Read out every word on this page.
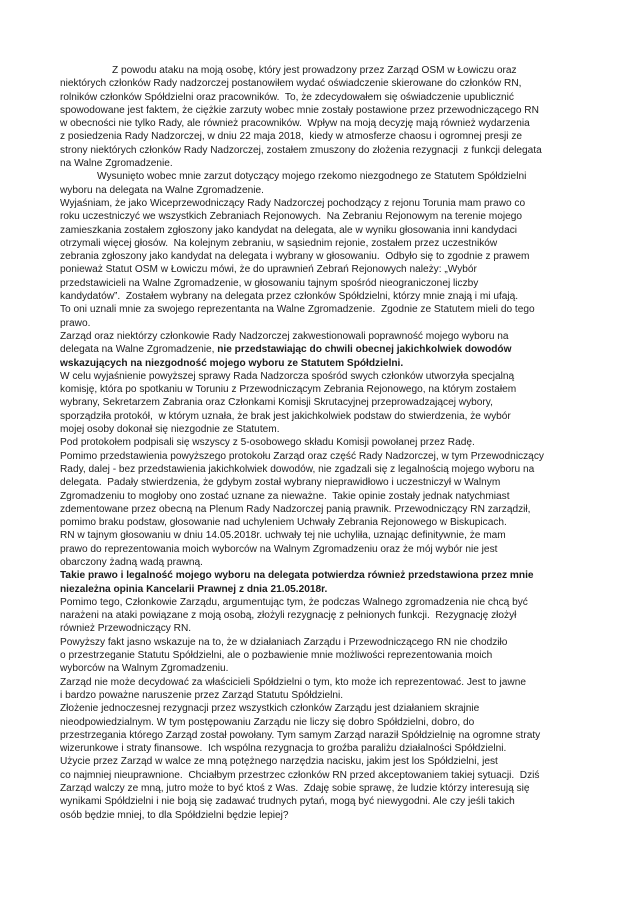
Z powodu ataku na moją osobę, który jest prowadzony przez Zarząd OSM w Łowiczu oraz
niektórych członków Rady nadzorczej postanowiłem wydać oświadczenie skierowane do członków RN,
rolników członków Spółdzielni oraz pracowników.  To, że zdecydowałem się oświadczenie upublicznić
spowodowane jest faktem, że ciężkie zarzuty wobec mnie zostały postawione przez przewodniczącego RN
w obecności nie tylko Rady, ale również pracowników.  Wpływ na moją decyzję mają również wydarzenia
z posiedzenia Rady Nadzorczej, w dniu 22 maja 2018,  kiedy w atmosferze chaosu i ogromnej presji ze
strony niektórych członków Rady Nadzorczej, zostałem zmuszony do złożenia rezygnacji  z funkcji delegata
na Walne Zgromadzenie.
Wysunięto wobec mnie zarzut dotyczący mojego rzekomo niezgodnego ze Statutem Spółdzielni
wyboru na delegata na Walne Zgromadzenie.
Wyjaśniam, że jako Wiceprzewodniczący Rady Nadzorczej pochodzący z rejonu Torunia mam prawo co
roku uczestniczyć we wszystkich Zebraniach Rejonowych.  Na Zebraniu Rejonowym na terenie mojego
zamieszkania zostałem zgłoszony jako kandydat na delegata, ale w wyniku głosowania inni kandydaci
otrzymali więcej głosów.  Na kolejnym zebraniu, w sąsiednim rejonie, zostałem przez uczestników
zebrania zgłoszony jako kandydat na delegata i wybrany w głosowaniu.  Odbyło się to zgodnie z prawem
ponieważ Statut OSM w Łowiczu mówi, że do uprawnień Zebrań Rejonowych należy: „Wybór
przedstawicieli na Walne Zgromadzenie, w głosowaniu tajnym spośród nieograniczonej liczby
kandydatów”.  Zostałem wybrany na delegata przez członków Spółdzielni, którzy mnie znają i mi ufają.
To oni uznali mnie za swojego reprezentanta na Walne Zgromadzenie.  Zgodnie ze Statutem mieli do tego
prawo.
Zarząd oraz niektórzy członkowie Rady Nadzorczej zakwestionowali poprawność mojego wyboru na
delegata na Walne Zgromadzenie, nie przedstawiając do chwili obecnej jakichkolwiek dowodów
wskazujących na niezgodność mojego wyboru ze Statutem Spółdzielni.
W celu wyjaśnienie powyższej sprawy Rada Nadzorcza spośród swych członków utworzyła specjalną
komisję, która po spotkaniu w Toruniu z Przewodniczącym Zebrania Rejonowego, na którym zostałem
wybrany, Sekretarzem Zabrania oraz Członkami Komisji Skrutacyjnej przeprowadzającej wybory,
sporządziła protokół,  w którym uznała, że brak jest jakichkolwiek podstaw do stwierdzenia, że wybór
mojej osoby dokonał się niezgodnie ze Statutem.
Pod protokołem podpisali się wszyscy z 5-osobowego składu Komisji powołanej przez Radę.
Pomimo przedstawienia powyższego protokołu Zarząd oraz część Rady Nadzorczej, w tym Przewodniczący
Rady, dalej - bez przedstawienia jakichkolwiek dowodów, nie zgadzali się z legalnością mojego wyboru na
delegata.  Padały stwierdzenia, że gdybym został wybrany nieprawidłowo i uczestniczył w Walnym
Zgromadzeniu to mogłoby ono zostać uznane za nieważne.  Takie opinie zostały jednak natychmiast
zdementowane przez obecną na Plenum Rady Nadzorczej panią prawnik. Przewodniczący RN zarządził,
pomimo braku podstaw, głosowanie nad uchyleniem Uchwały Zebrania Rejonowego w Biskupicach.
RN w tajnym głosowaniu w dniu 14.05.2018r. uchwały tej nie uchyliła, uznając definitywnie, że mam
prawo do reprezentowania moich wyborców na Walnym Zgromadzeniu oraz że mój wybór nie jest
obarczony żadną wadą prawną.
Takie prawo i legalność mojego wyboru na delegata potwierdza również przedstawiona przez mnie
niezależna opinia Kancelarii Prawnej z dnia 21.05.2018r.
Pomimo tego, Członkowie Zarządu, argumentując tym, że podczas Walnego zgromadzenia nie chcą być
narażeni na ataki powiązane z moją osobą, złożyli rezygnację z pełnionych funkcji.  Rezygnację złożył
również Przewodniczący RN.
Powyższy fakt jasno wskazuje na to, że w działaniach Zarządu i Przewodniczącego RN nie chodziło
o przestrzeganie Statutu Spółdzielni, ale o pozbawienie mnie możliwości reprezentowania moich
wyborców na Walnym Zgromadzeniu.
Zarząd nie może decydować za właścicieli Spółdzielni o tym, kto może ich reprezentować. Jest to jawne
i bardzo poważne naruszenie przez Zarząd Statutu Spółdzielni.
Złożenie jednoczesnej rezygnacji przez wszystkich członków Zarządu jest działaniem skrajnie
nieodpowiedzialnym. W tym postępowaniu Zarządu nie liczy się dobro Spółdzielni, dobro, do
przestrzegania którego Zarząd został powołany. Tym samym Zarząd naraził Spółdzielnię na ogromne straty
wizerunkowe i straty finansowe.  Ich wspólna rezygnacja to groźba paraliżu działalności Spółdzielni.
Użycie przez Zarząd w walce ze mną potężnego narzędzia nacisku, jakim jest los Spółdzielni, jest
co najmniej nieuprawnione.  Chciałbym przestrzec członków RN przed akceptowaniem takiej sytuacji.  Dziś
Zarząd walczy ze mną, jutro może to być ktoś z Was.  Zdaję sobie sprawę, że ludzie którzy interesują się
wynikami Spółdzielni i nie boją się zadawać trudnych pytań, mogą być niewygodni. Ale czy jeśli takich
osób będzie mniej, to dla Spółdzielni będzie lepiej?
